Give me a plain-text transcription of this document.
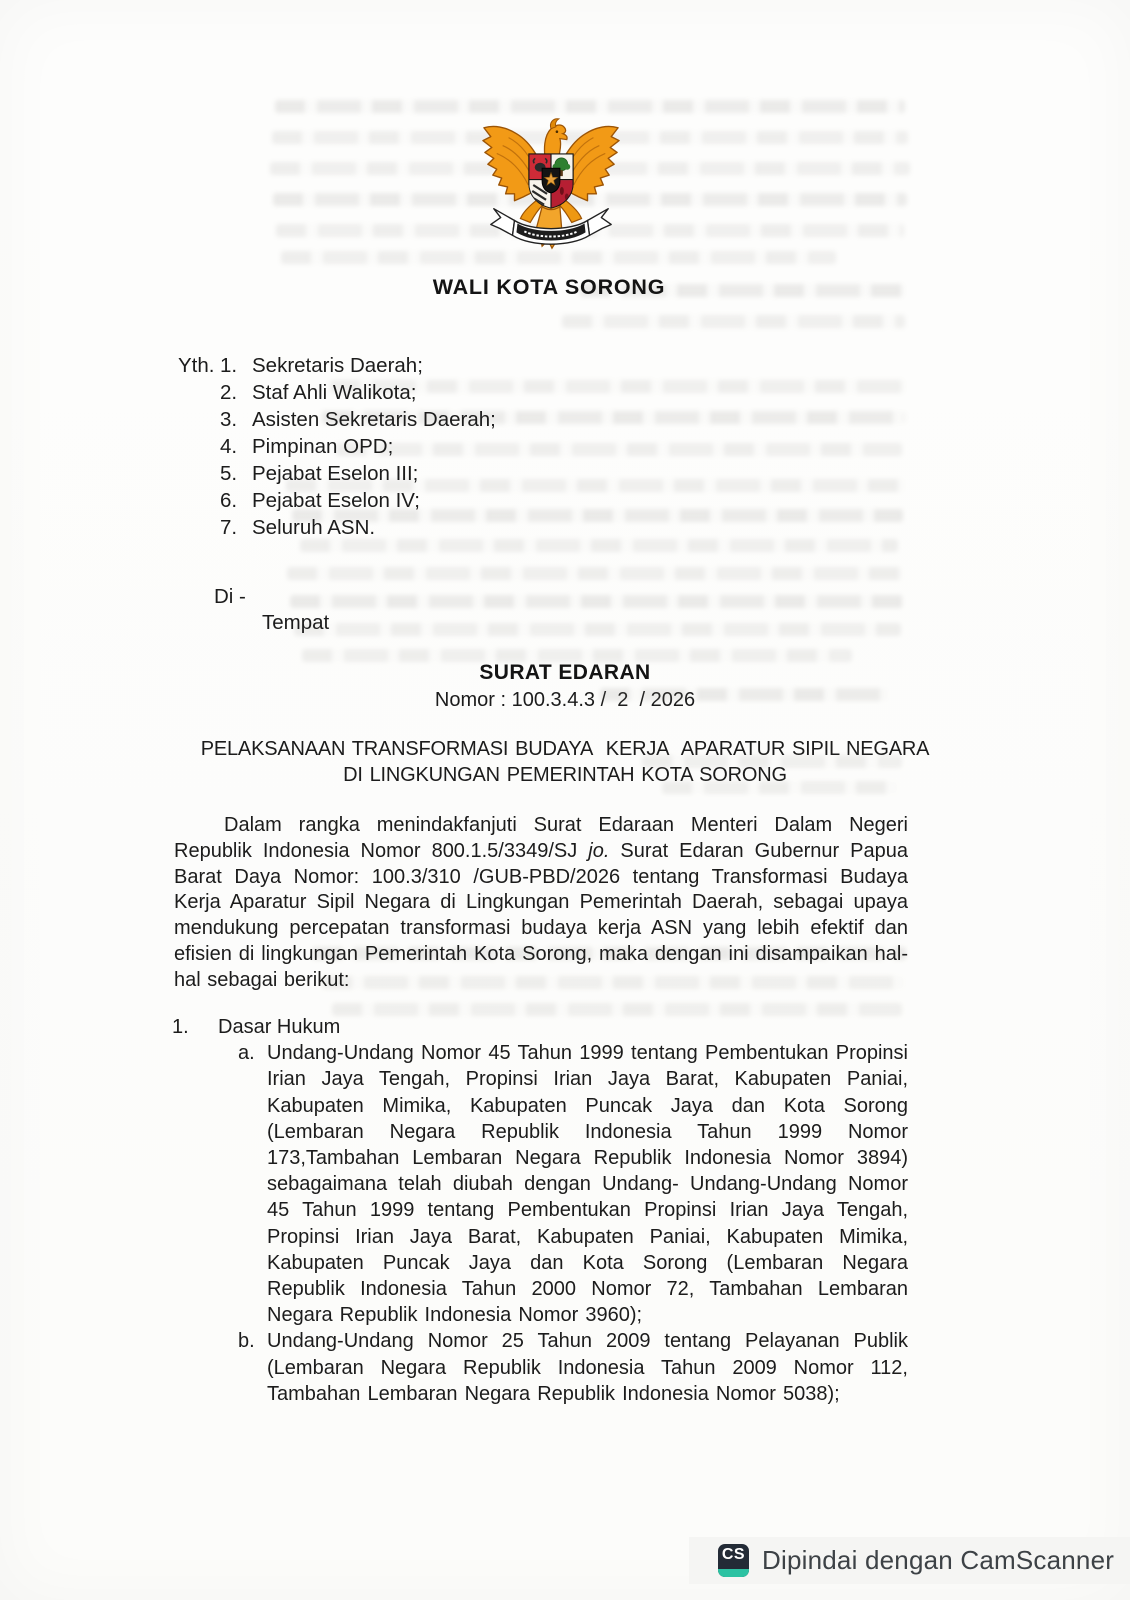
WALI KOTA SORONG
Yth. 1. Sekretaris Daerah;
2. Staf Ahli Walikota;
3. Asisten Sekretaris Daerah;
4. Pimpinan OPD;
5. Pejabat Eselon III;
6. Pejabat Eselon IV;
7. Seluruh ASN.
Di -
Tempat
SURAT EDARAN
Nomor : 100.3.4.3 /  2  / 2026
PELAKSANAAN TRANSFORMASI BUDAYA  KERJA  APARATUR SIPIL NEGARA
DI LINGKUNGAN PEMERINTAH KOTA SORONG

Dalam rangka menindakfanjuti Surat Edaraan Menteri Dalam Negeri Republik Indonesia Nomor 800.1.5/3349/SJ jo. Surat Edaran Gubernur Papua Barat Daya Nomor: 100.3/310 /GUB-PBD/2026 tentang Transformasi Budaya Kerja Aparatur Sipil Negara di Lingkungan Pemerintah Daerah, sebagai upaya mendukung percepatan transformasi budaya kerja ASN yang lebih efektif dan efisien di lingkungan Pemerintah Kota Sorong, maka dengan ini disampaikan hal-hal sebagai berikut:

1.	Dasar Hukum
a. Undang-Undang Nomor 45 Tahun 1999 tentang Pembentukan Propinsi Irian Jaya Tengah, Propinsi Irian Jaya Barat, Kabupaten Paniai, Kabupaten Mimika, Kabupaten Puncak Jaya dan Kota Sorong (Lembaran Negara Republik Indonesia Tahun 1999 Nomor 173,Tambahan Lembaran Negara Republik Indonesia Nomor 3894) sebagaimana telah diubah dengan Undang- Undang-Undang Nomor 45 Tahun 1999 tentang Pembentukan Propinsi Irian Jaya Tengah, Propinsi Irian Jaya Barat, Kabupaten Paniai, Kabupaten Mimika, Kabupaten Puncak Jaya dan Kota Sorong (Lembaran Negara Republik Indonesia Tahun 2000 Nomor 72, Tambahan Lembaran Negara Republik Indonesia Nomor 3960);
b. Undang-Undang Nomor 25 Tahun 2009 tentang Pelayanan Publik (Lembaran Negara Republik Indonesia Tahun 2009 Nomor 112, Tambahan Lembaran Negara Republik Indonesia Nomor 5038);
CS Dipindai dengan CamScanner
